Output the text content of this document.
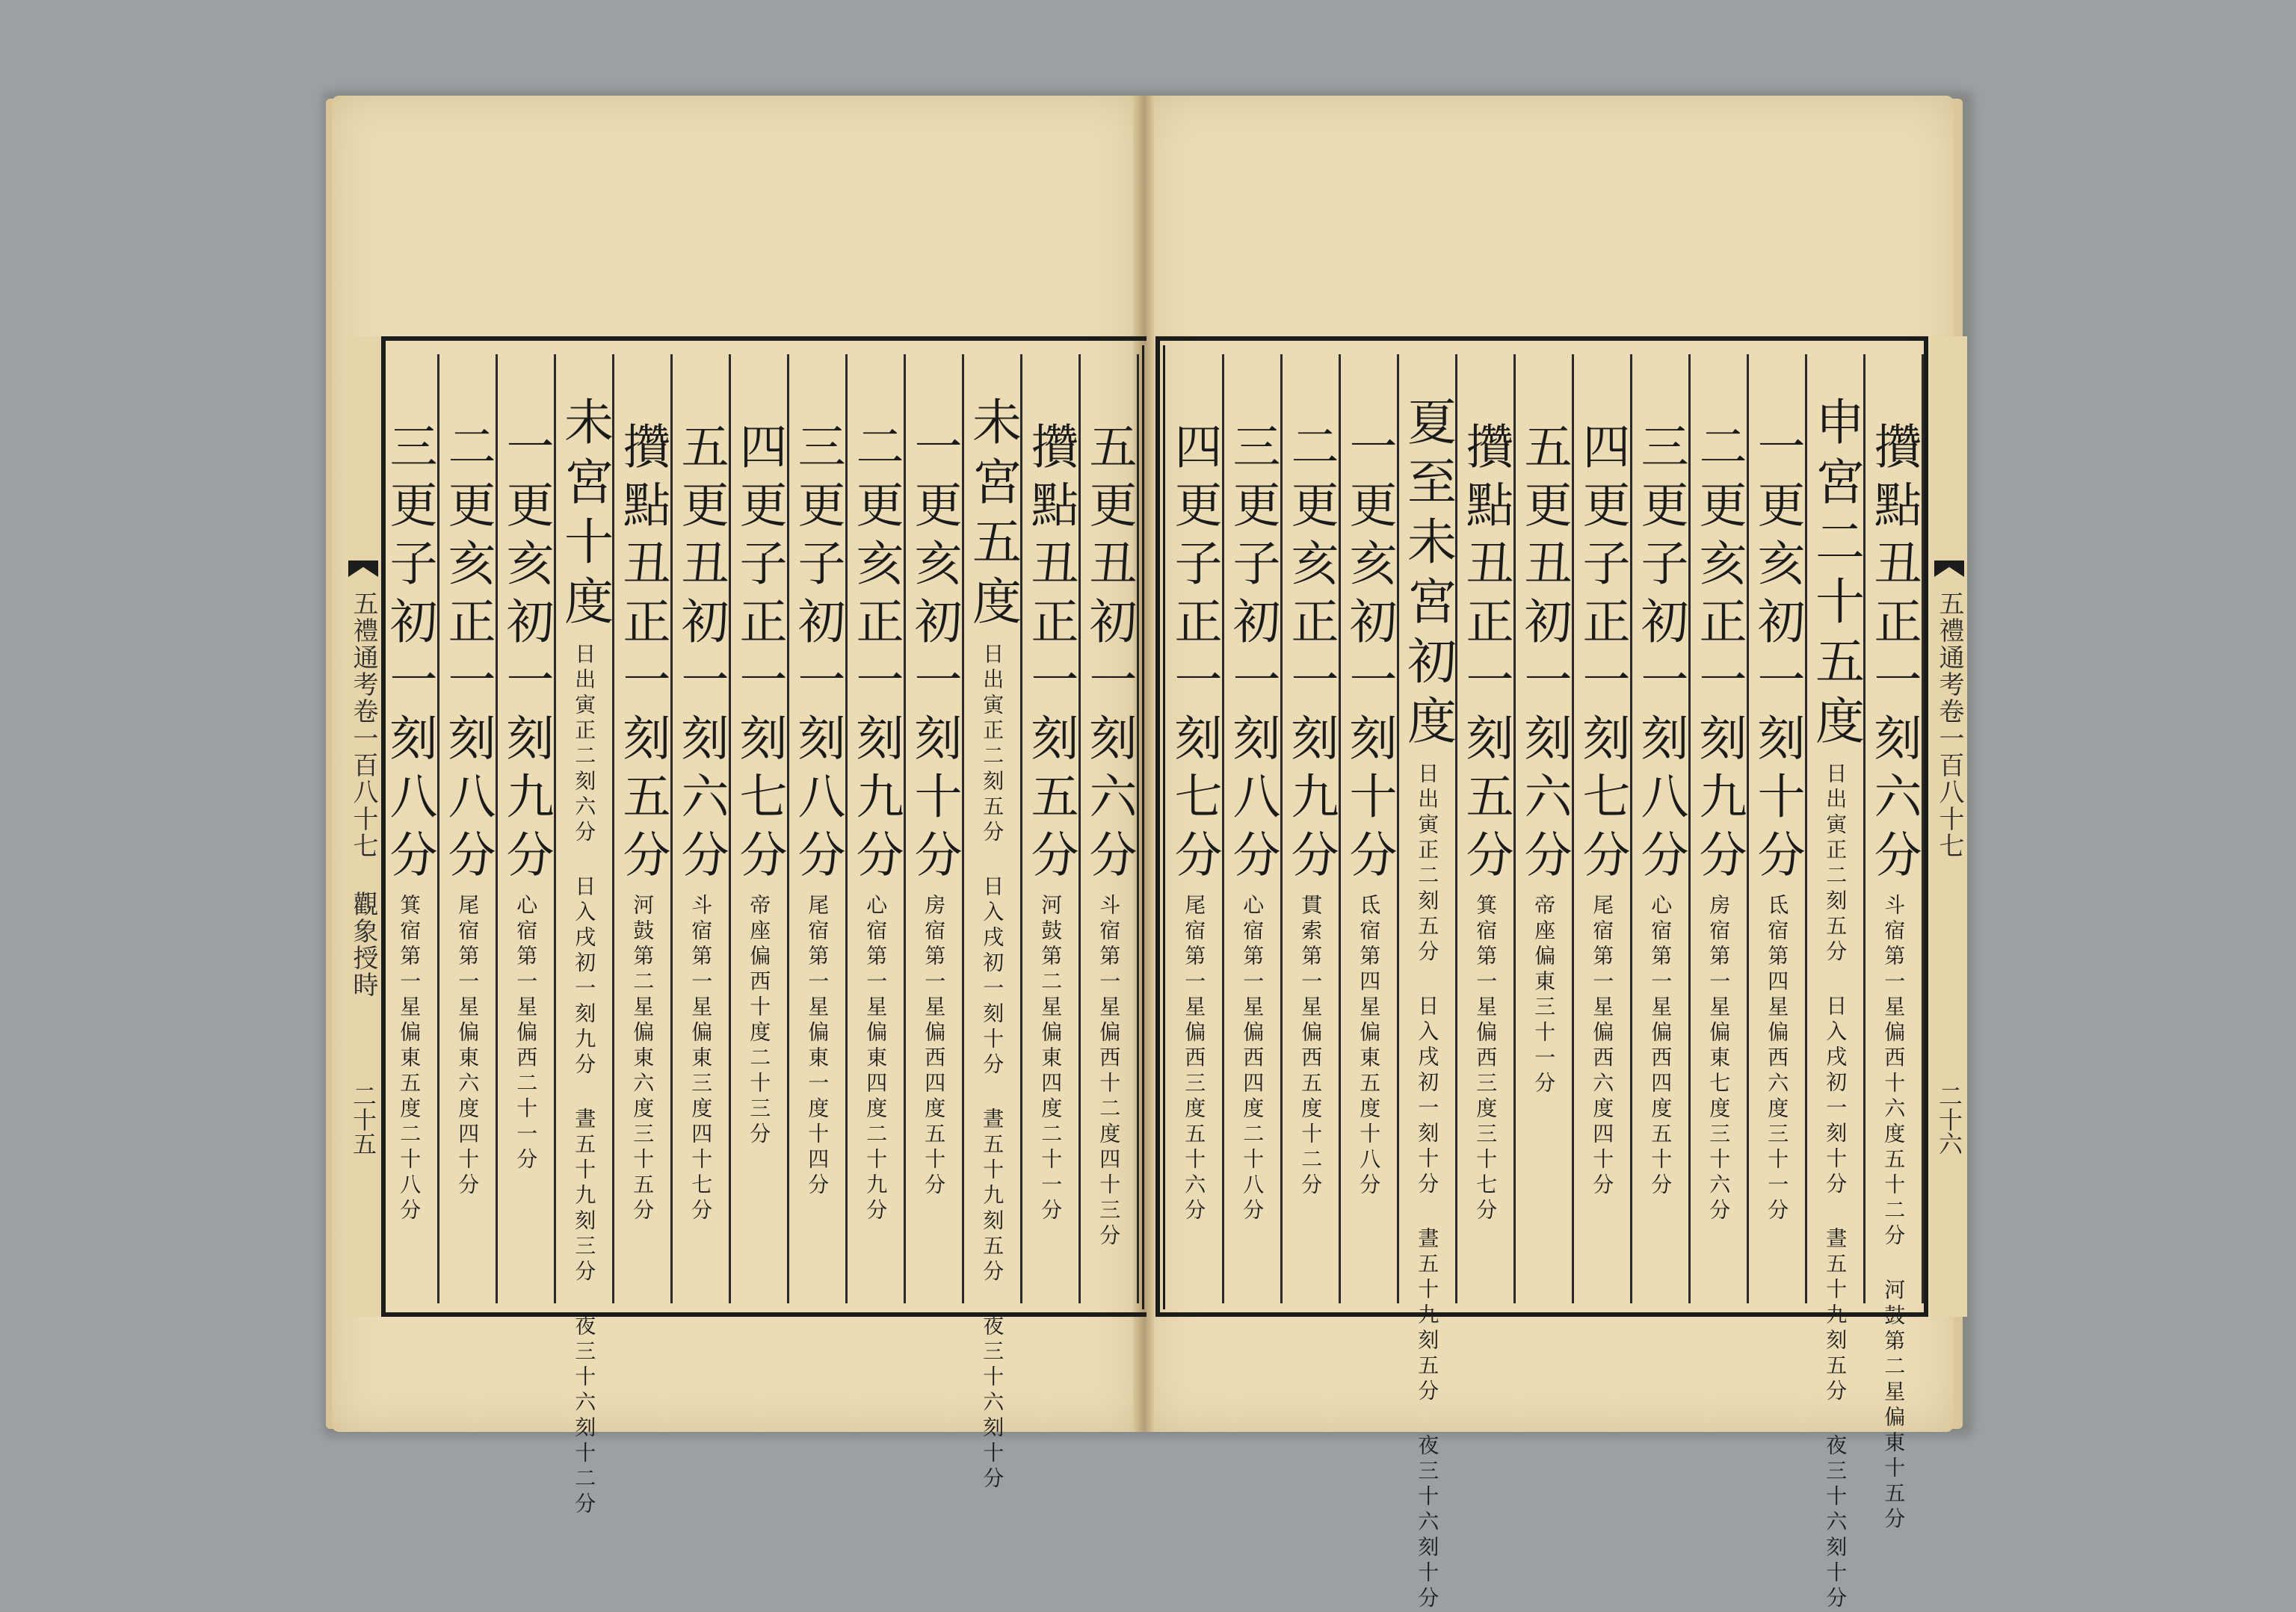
五禮通考卷一百八十七 觀象授時
二十五
五禮通考卷一百八十七
二十六
攢點丑正一刻六分
斗宿第一星偏西十六度五十二分 河鼓第二星偏東十五分
申宮二十五度
日出寅正二刻五分 日入戌初一刻十分 晝五十九刻五分 夜三十六刻十分
一更亥初一刻十分
氐宿第四星偏西六度三十一分
二更亥正一刻九分
房宿第一星偏東七度三十六分
三更子初一刻八分
心宿第一星偏西四度五十分
四更子正一刻七分
尾宿第一星偏西六度四十分
五更丑初一刻六分
帝座偏東三十一分
攢點丑正一刻五分
箕宿第一星偏西三度三十七分
夏至未宮初度
日出寅正二刻五分 日入戌初一刻十分 晝五十九刻五分 夜三十六刻十分
一更亥初一刻十分
氐宿第四星偏東五度十八分
二更亥正一刻九分
貫索第一星偏西五度十二分
三更子初一刻八分
心宿第一星偏西四度二十八分
四更子正一刻七分
尾宿第一星偏西三度五十六分
五更丑初一刻六分
斗宿第一星偏西十二度四十三分
攢點丑正一刻五分
河鼓第二星偏東四度二十一分
未宮五度
日出寅正二刻五分 日入戌初一刻十分 晝五十九刻五分 夜三十六刻十分
一更亥初一刻十分
房宿第一星偏西四度五十分
二更亥正一刻九分
心宿第一星偏東四度二十九分
三更子初一刻八分
尾宿第一星偏東一度十四分
四更子正一刻七分
帝座偏西十度二十三分
五更丑初一刻六分
斗宿第一星偏東三度四十七分
攢點丑正一刻五分
河鼓第二星偏東六度三十五分
未宮十度
日出寅正二刻六分 日入戌初一刻九分 晝五十九刻三分 夜三十六刻十二分
一更亥初一刻九分
心宿第一星偏西二十一分
二更亥正一刻八分
尾宿第一星偏東六度四十分
三更子初一刻八分
箕宿第一星偏東五度二十八分
